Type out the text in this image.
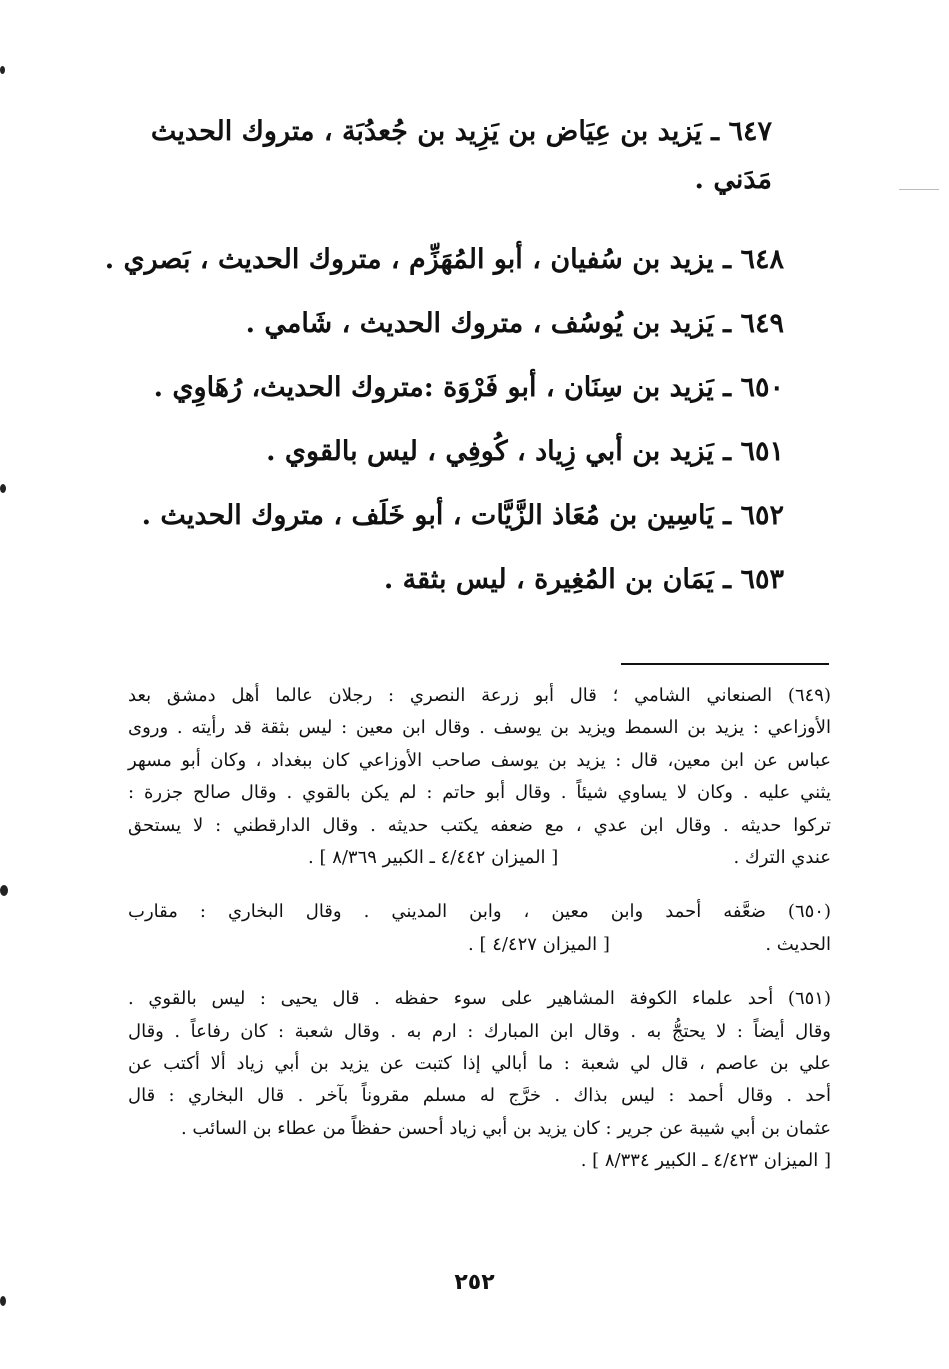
٦٤٧ ـ يَزيد بن عِيَاض بن يَزِيد بن جُعدُبَة ، متروك الحديث مَدَني .
٦٤٨ ـ يزيد بن سُفيان ، أبو المُهَزِّم ، متروك الحديث ، بَصري .
٦٤٩ ـ يَزيد بن يُوسُف ، متروك الحديث ، شَامي .
٦٥٠ ـ يَزيد بن سِنَان ، أبو فَرْوَة :متروك الحديث، رُهَاوِي .
٦٥١ ـ يَزيد بن أبي زِياد ، كُوفِي ، ليس بالقوي .
٦٥٢ ـ يَاسِين بن مُعَاذ الزَّيَّات ، أبو خَلَف ، متروك الحديث .
٦٥٣ ـ يَمَان بن المُغِيرة ، ليس بثقة .
(٦٤٩) الصنعاني الشامي ؛ قال أبو زرعة النصري : رجلان عالما أهل دمشق بعد
الأوزاعي : يزيد بن السمط ويزيد بن يوسف . وقال ابن معين : ليس بثقة قد رأيته . وروى
عباس عن ابن معين، قال : يزيد بن يوسف صاحب الأوزاعي كان ببغداد ، وكان أبو مسهر
يثني عليه . وكان لا يساوي شيئاً . وقال أبو حاتم : لم يكن بالقوي . وقال صالح جزرة :
تركوا حديثه . وقال ابن عدي ، مع ضعفه يكتب حديثه . وقال الدارقطني : لا يستحق
عندي الترك .
[ الميزان ٤/٤٤٢ ـ الكبير ٨/٣٦٩ ] .
(٦٥٠) ضعَّفه أحمد وابن معين ، وابن المديني . وقال البخاري : مقارب
الحديث .
[ الميزان ٤/٤٢٧ ] .
(٦٥١) أحد علماء الكوفة المشاهير على سوء حفظه . قال يحيى : ليس بالقوي .
وقال أيضاً : لا يحتجُّ به . وقال ابن المبارك : ارم به . وقال شعبة : كان رفاعاً . وقال
علي بن عاصم ، قال لي شعبة : ما أبالي إذا كتبت عن يزيد بن أبي زياد ألا أكتب عن
أحد . وقال أحمد : ليس بذاك . خرَّج له مسلم مقروناً بآخر . قال البخاري : قال
عثمان بن أبي شيبة عن جرير : كان يزيد بن أبي زياد أحسن حفظاً من عطاء بن السائب .
[ الميزان ٤/٤٢٣ ـ الكبير ٨/٣٣٤ ] .
٢٥٢
